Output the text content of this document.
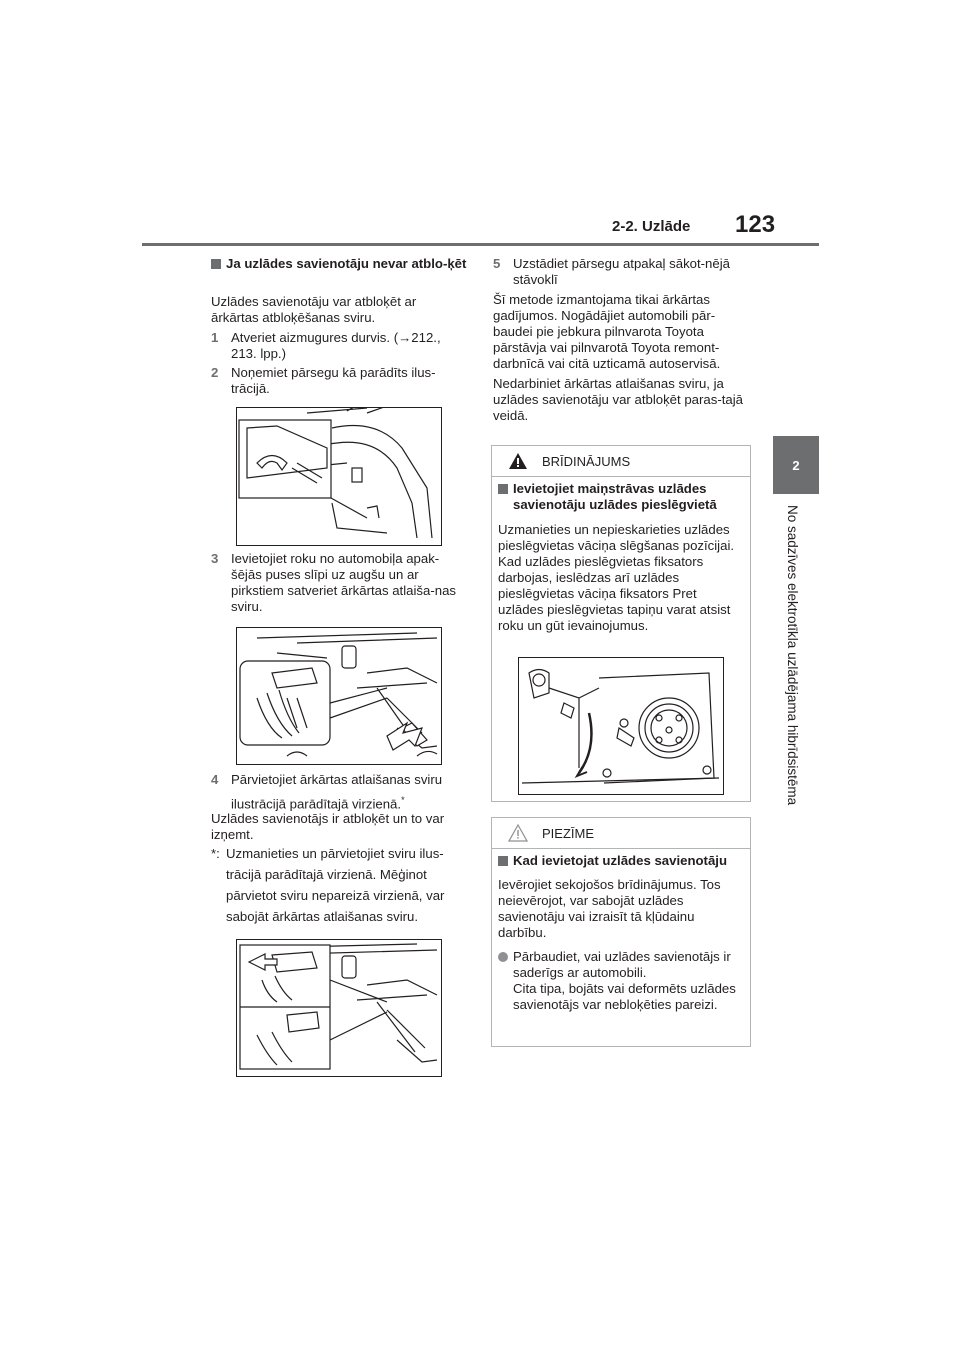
2-2. Uzlāde 123
2
No sadzīves elektrotīkla uzlādējama hibrīdsistēma
Ja uzlādes savienotāju nevar atblo-ķēt

Uzlādes savienotāju var atbloķēt ar ārkārtas atbloķēšanas sviru.

1 Atveriet aizmugures durvis. (→212., 213. lpp.)
2 Noņemiet pārsegu kā parādīts ilus-trācijā.
3 Ievietojiet roku no automobiļa apak-šējās puses slīpi uz augšu un ar pirkstiem satveriet ārkārtas atlaiša-nas sviru.
4 Pārvietojiet ārkārtas atlaišanas sviru ilustrācijā parādītajā virzienā.*

Uzlādes savienotājs ir atbloķēt un to var izņemt.

*: Uzmanieties un pārvietojiet sviru ilus-trācijā parādītajā virzienā. Mēģinot pārvietot sviru nepareizā virzienā, var sabojāt ārkārtas atlaišanas sviru.
5 Uzstādiet pārsegu atpakaļ sākot-nējā stāvoklī

Šī metode izmantojama tikai ārkārtas gadījumos. Nogādājiet automobili pār-baudei pie jebkura pilnvarota Toyota pārstāvja vai pilnvarotā Toyota remont-darbnīcā vai citā uzticamā autoservisā.

Nedarbiniet ārkārtas atlaišanas sviru, ja uzlādes savienotāju var atbloķēt paras-tajā veidā.

BRĪDINĀJUMS
Ievietojiet maiņstrāvas uzlādes savienotāju uzlādes pieslēgvietā

Uzmanieties un nepieskarieties uzlādes pieslēgvietas vāciņa slēgšanas pozīcijai.

Kad uzlādes pieslēgvietas fiksators darbojas, ieslēdzas arī uzlādes pieslēgvietas vāciņa fiksators Pret uzlādes pieslēgvietas tapiņu varat atsist roku un gūt ievainojumus.

PIEZĪME
Kad ievietojat uzlādes savienotāju

Ievērojiet sekojošos brīdinājumus. Tos neievērojot, var sabojāt uzlādes savienotāju vai izraisīt tā kļūdainu darbību.

Pārbaudiet, vai uzlādes savienotājs ir saderīgs ar automobili.
Cita tipa, bojāts vai deformēts uzlādes savienotājs var nebloķēties pareizi.
